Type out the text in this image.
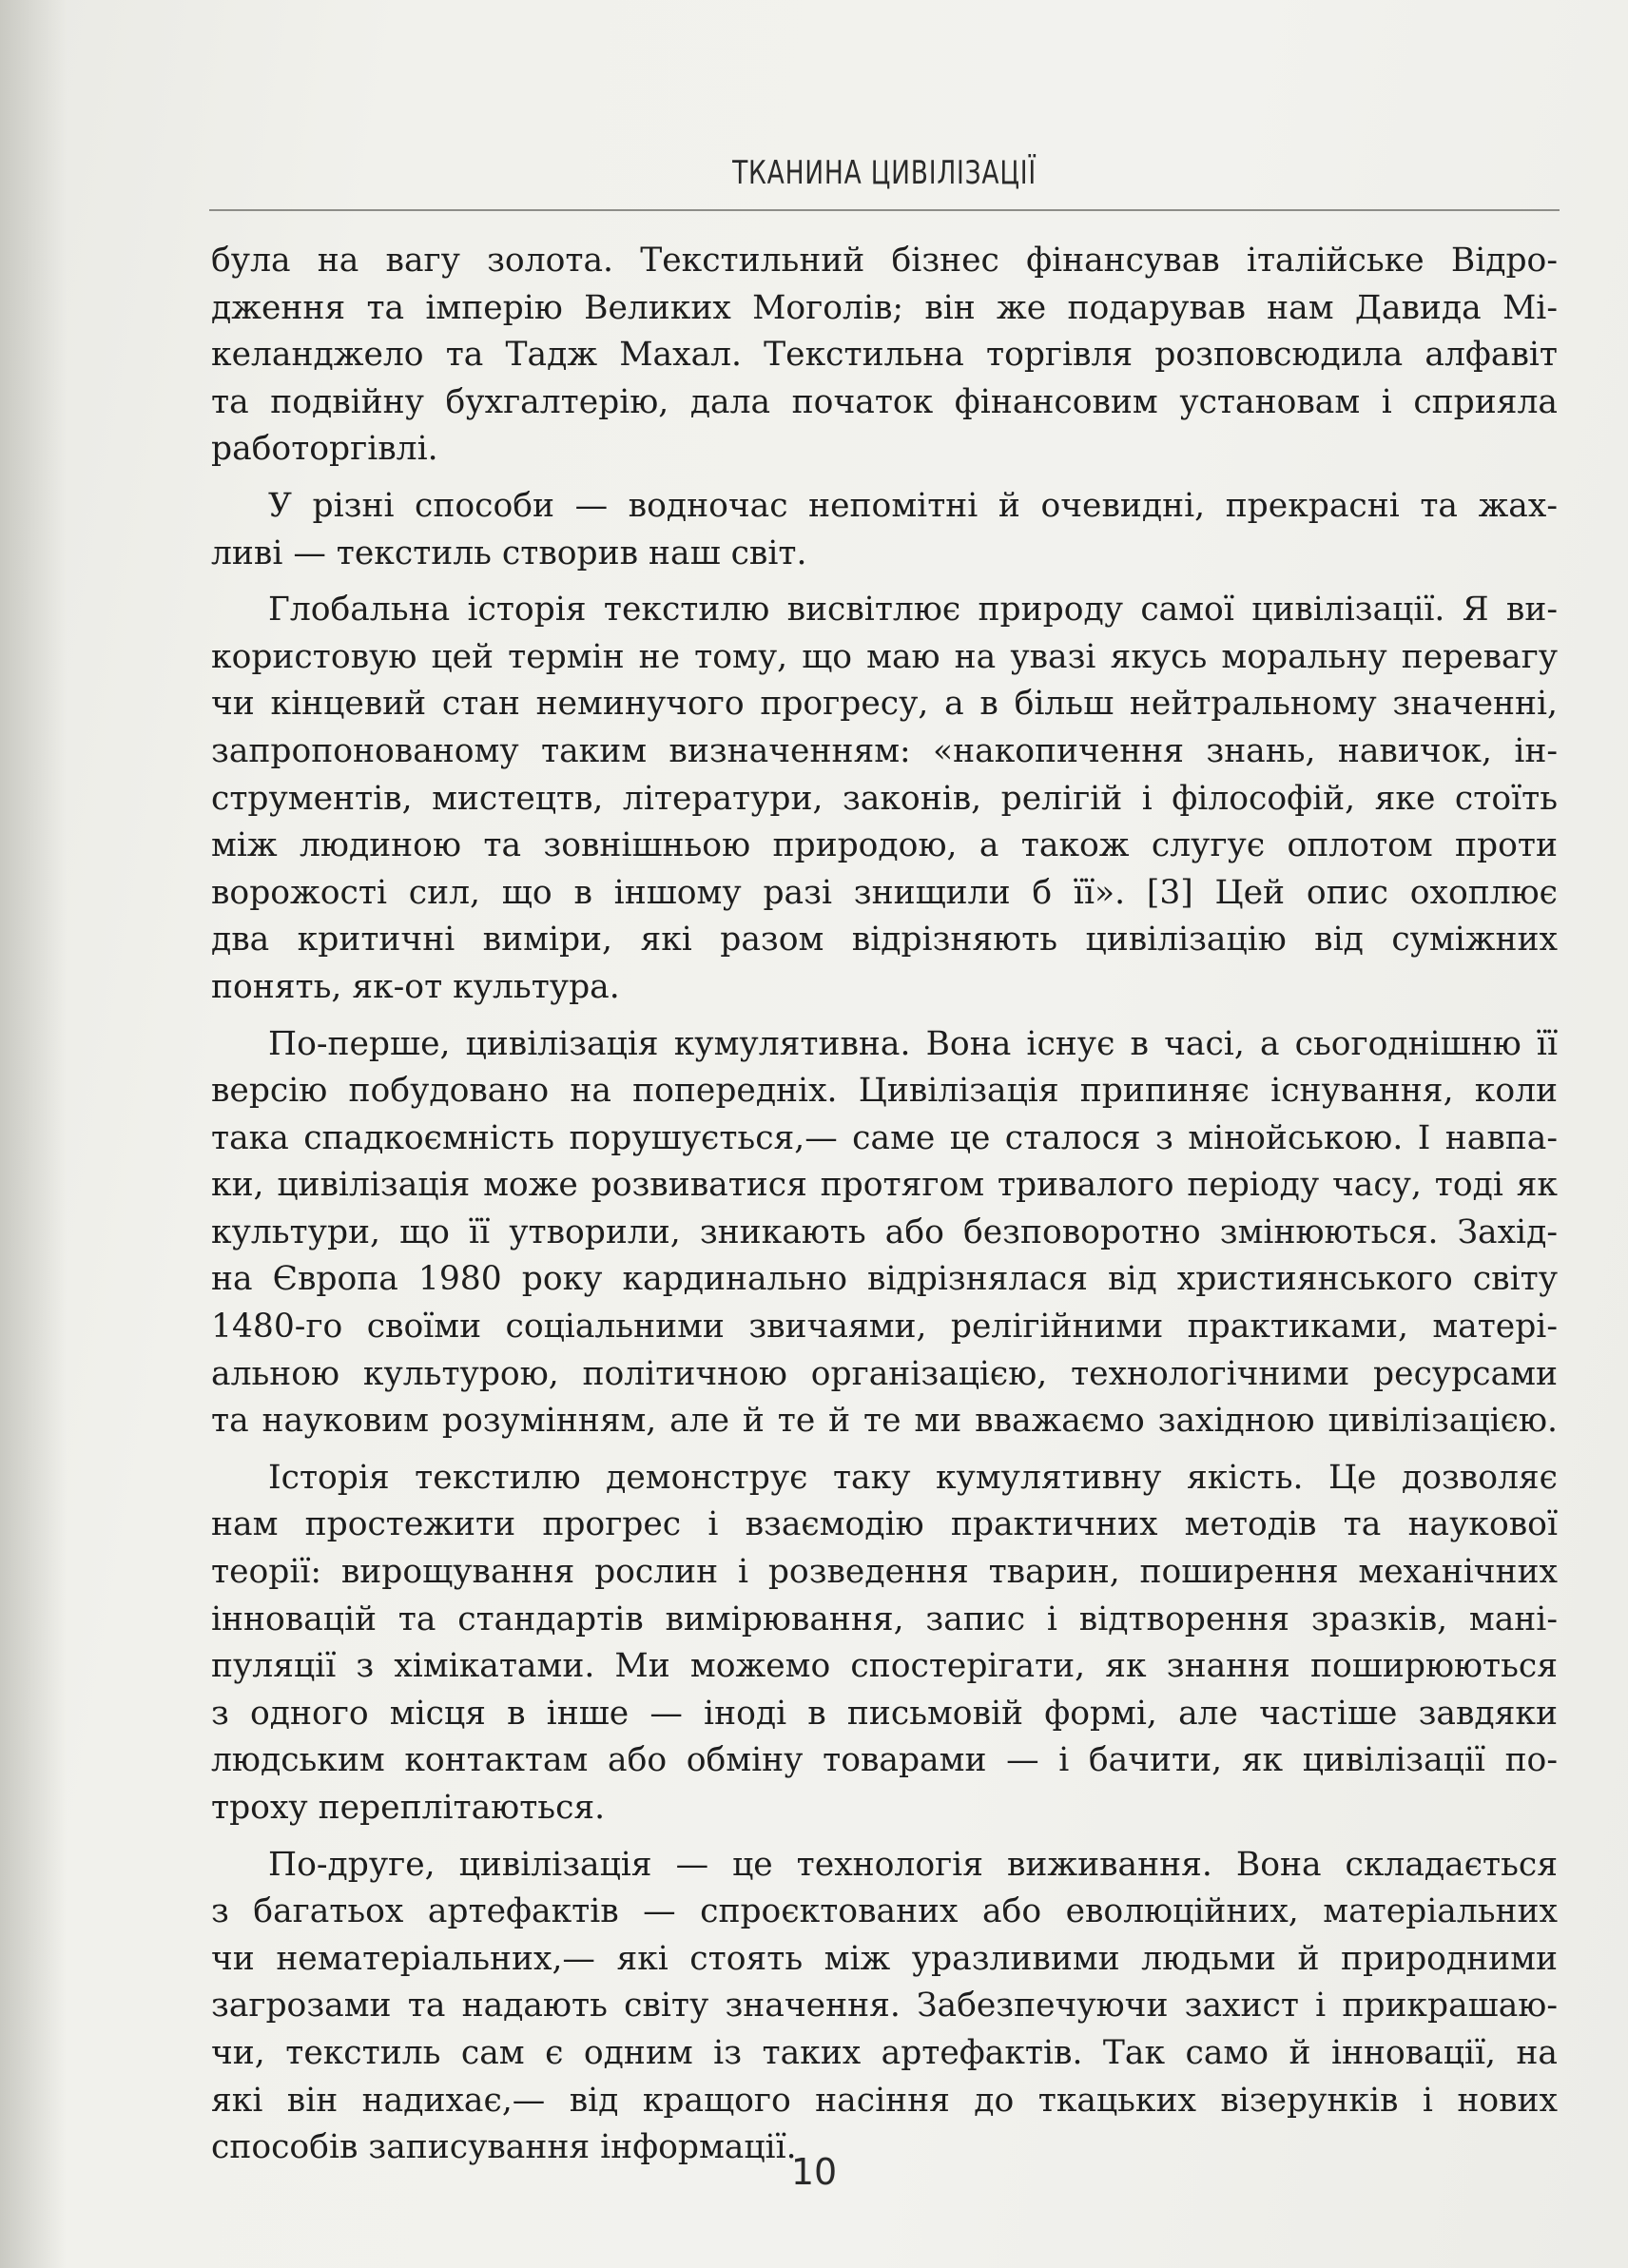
ТКАНИНА ЦИВІЛІЗАЦІЇ

була на вагу золота. Текстильний бізнес фінансував італійське Відро-

дження та імперію Великих Моголів; він же подарував нам Давида Мі-

келанджело та Тадж Махал. Текстильна торгівля розповсюдила алфавіт

та подвійну бухгалтерію, дала початок фінансовим установам і сприяла

работоргівлі.

У різні способи — водночас непомітні й очевидні, прекрасні та жах-

ливі — текстиль створив наш світ.

Глобальна історія текстилю висвітлює природу самої цивілізації. Я ви-

користовую цей термін не тому, що маю на увазі якусь моральну перевагу

чи кінцевий стан неминучого прогресу, а в більш нейтральному значенні,

запропонованому таким визначенням: «накопичення знань, навичок, ін-

струментів, мистецтв, літератури, законів, релігій і філософій, яке стоїть

між людиною та зовнішньою природою, а також слугує оплотом проти

ворожості сил, що в іншому разі знищили б її». [3] Цей опис охоплює

два критичні виміри, які разом відрізняють цивілізацію від суміжних

понять, як-от культура.

По-перше, цивілізація кумулятивна. Вона існує в часі, а сьогоднішню її

версію побудовано на попередніх. Цивілізація припиняє існування, коли

така спадкоємність порушується,— саме це сталося з мінойською. І навпа-

ки, цивілізація може розвиватися протягом тривалого періоду часу, тоді як

культури, що її утворили, зникають або безповоротно змінюються. Захід-

на Європа 1980 року кардинально відрізнялася від християнського світу

1480-го своїми соціальними звичаями, релігійними практиками, матері-

альною культурою, політичною організацією, технологічними ресурсами

та науковим розумінням, але й те й те ми вважаємо західною цивілізацією.

Історія текстилю демонструє таку кумулятивну якість. Це дозволяє

нам простежити прогрес і взаємодію практичних методів та наукової

теорії: вирощування рослин і розведення тварин, поширення механічних

інновацій та стандартів вимірювання, запис і відтворення зразків, мані-

пуляції з хімікатами. Ми можемо спостерігати, як знання поширюються

з одного місця в інше — іноді в письмовій формі, але частіше завдяки

людським контактам або обміну товарами — і бачити, як цивілізації по-

троху переплітаються.

По-друге, цивілізація — це технологія виживання. Вона складається

з багатьох артефактів — спроєктованих або еволюційних, матеріальних

чи нематеріальних,— які стоять між уразливими людьми й природними

загрозами та надають світу значення. Забезпечуючи захист і прикрашаю-

чи, текстиль сам є одним із таких артефактів. Так само й інновації, на

які він надихає,— від кращого насіння до ткацьких візерунків і нових

способів записування інформації.

10
